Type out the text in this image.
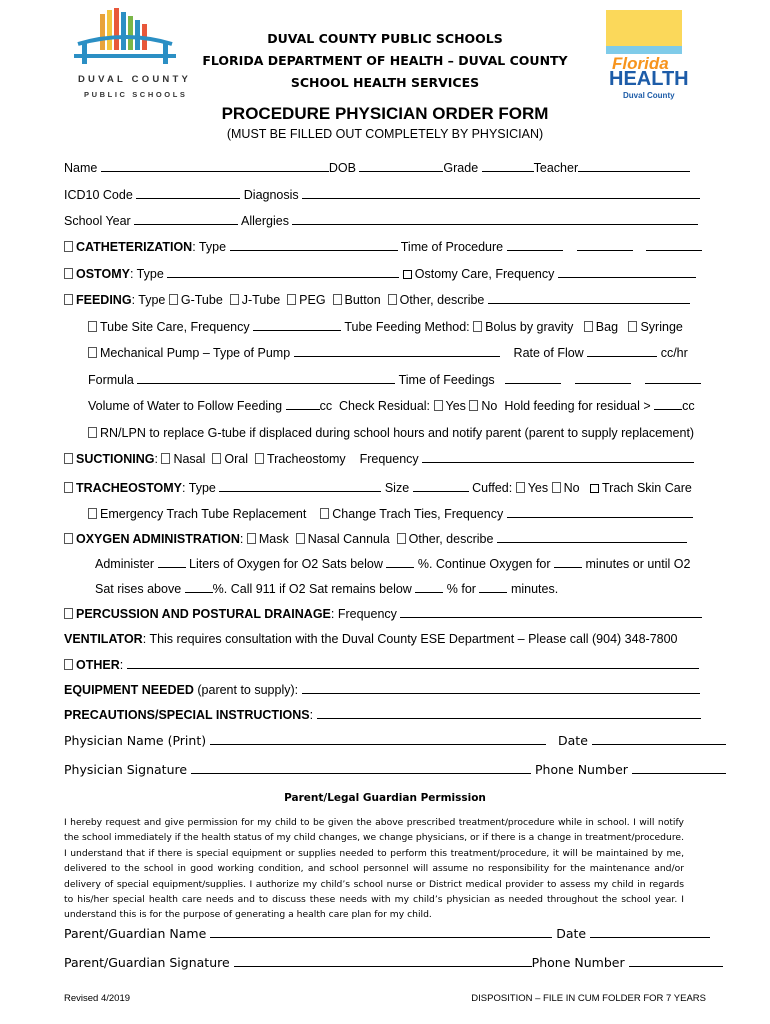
DUVAL COUNTY
PUBLIC SCHOOLS
Florida
HEALTH
Duval County
DUVAL COUNTY PUBLIC SCHOOLS
FLORIDA DEPARTMENT OF HEALTH – DUVAL COUNTY
SCHOOL HEALTH SERVICES
PROCEDURE PHYSICIAN ORDER FORM
(MUST BE FILLED OUT COMPLETELY BY PHYSICIAN)
Name	DOB	Grade	Teacher
ICD10 Code	Diagnosis
School Year	Allergies
CATHETERIZATION: Type	Time of Procedure
OSTOMY: Type	Ostomy Care, Frequency
FEEDING: Type G-Tube J-Tube PEG Button Other, describe
Tube Site Care, Frequency	Tube Feeding Method: Bolus by gravity Bag Syringe
Mechanical Pump – Type of Pump	Rate of Flow	cc/hr
Formula	Time of Feedings
Volume of Water to Follow Feeding	cc Check Residual: Yes No Hold feeding for residual >	cc
RN/LPN to replace G-tube if displaced during school hours and notify parent (parent to supply replacement)
SUCTIONING: Nasal Oral Tracheostomy Frequency
TRACHEOSTOMY: Type	Size	Cuffed: Yes No Trach Skin Care
Emergency Trach Tube Replacement Change Trach Ties, Frequency
OXYGEN ADMINISTRATION: Mask Nasal Cannula Other, describe
Administer	Liters of Oxygen for O2 Sats below	%. Continue Oxygen for	minutes or until O2
Sat rises above	%. Call 911 if O2 Sat remains below	% for	minutes.
PERCUSSION AND POSTURAL DRAINAGE: Frequency
VENTILATOR: This requires consultation with the Duval County ESE Department – Please call (904) 348-7800
OTHER:
EQUIPMENT NEEDED (parent to supply):
PRECAUTIONS/SPECIAL INSTRUCTIONS:
Physician Name (Print)	Date
Physician Signature	Phone Number
Parent/Legal Guardian Permission
I hereby request and give permission for my child to be given the above prescribed treatment/procedure while in school. I will notify the school immediately if the health status of my child changes, we change physicians, or if there is a change in treatment/procedure. I understand that if there is special equipment or supplies needed to perform this treatment/procedure, it will be maintained by me, delivered to the school in good working condition, and school personnel will assume no responsibility for the maintenance and/or delivery of special equipment/supplies. I authorize my child’s school nurse or District medical provider to assess my child in regards to his/her special health care needs and to discuss these needs with my child’s physician as needed throughout the school year. I understand this is for the purpose of generating a health care plan for my child.
Parent/Guardian Name	Date
Parent/Guardian Signature	Phone Number
Revised 4/2019	DISPOSITION – FILE IN CUM FOLDER FOR 7 YEARS
